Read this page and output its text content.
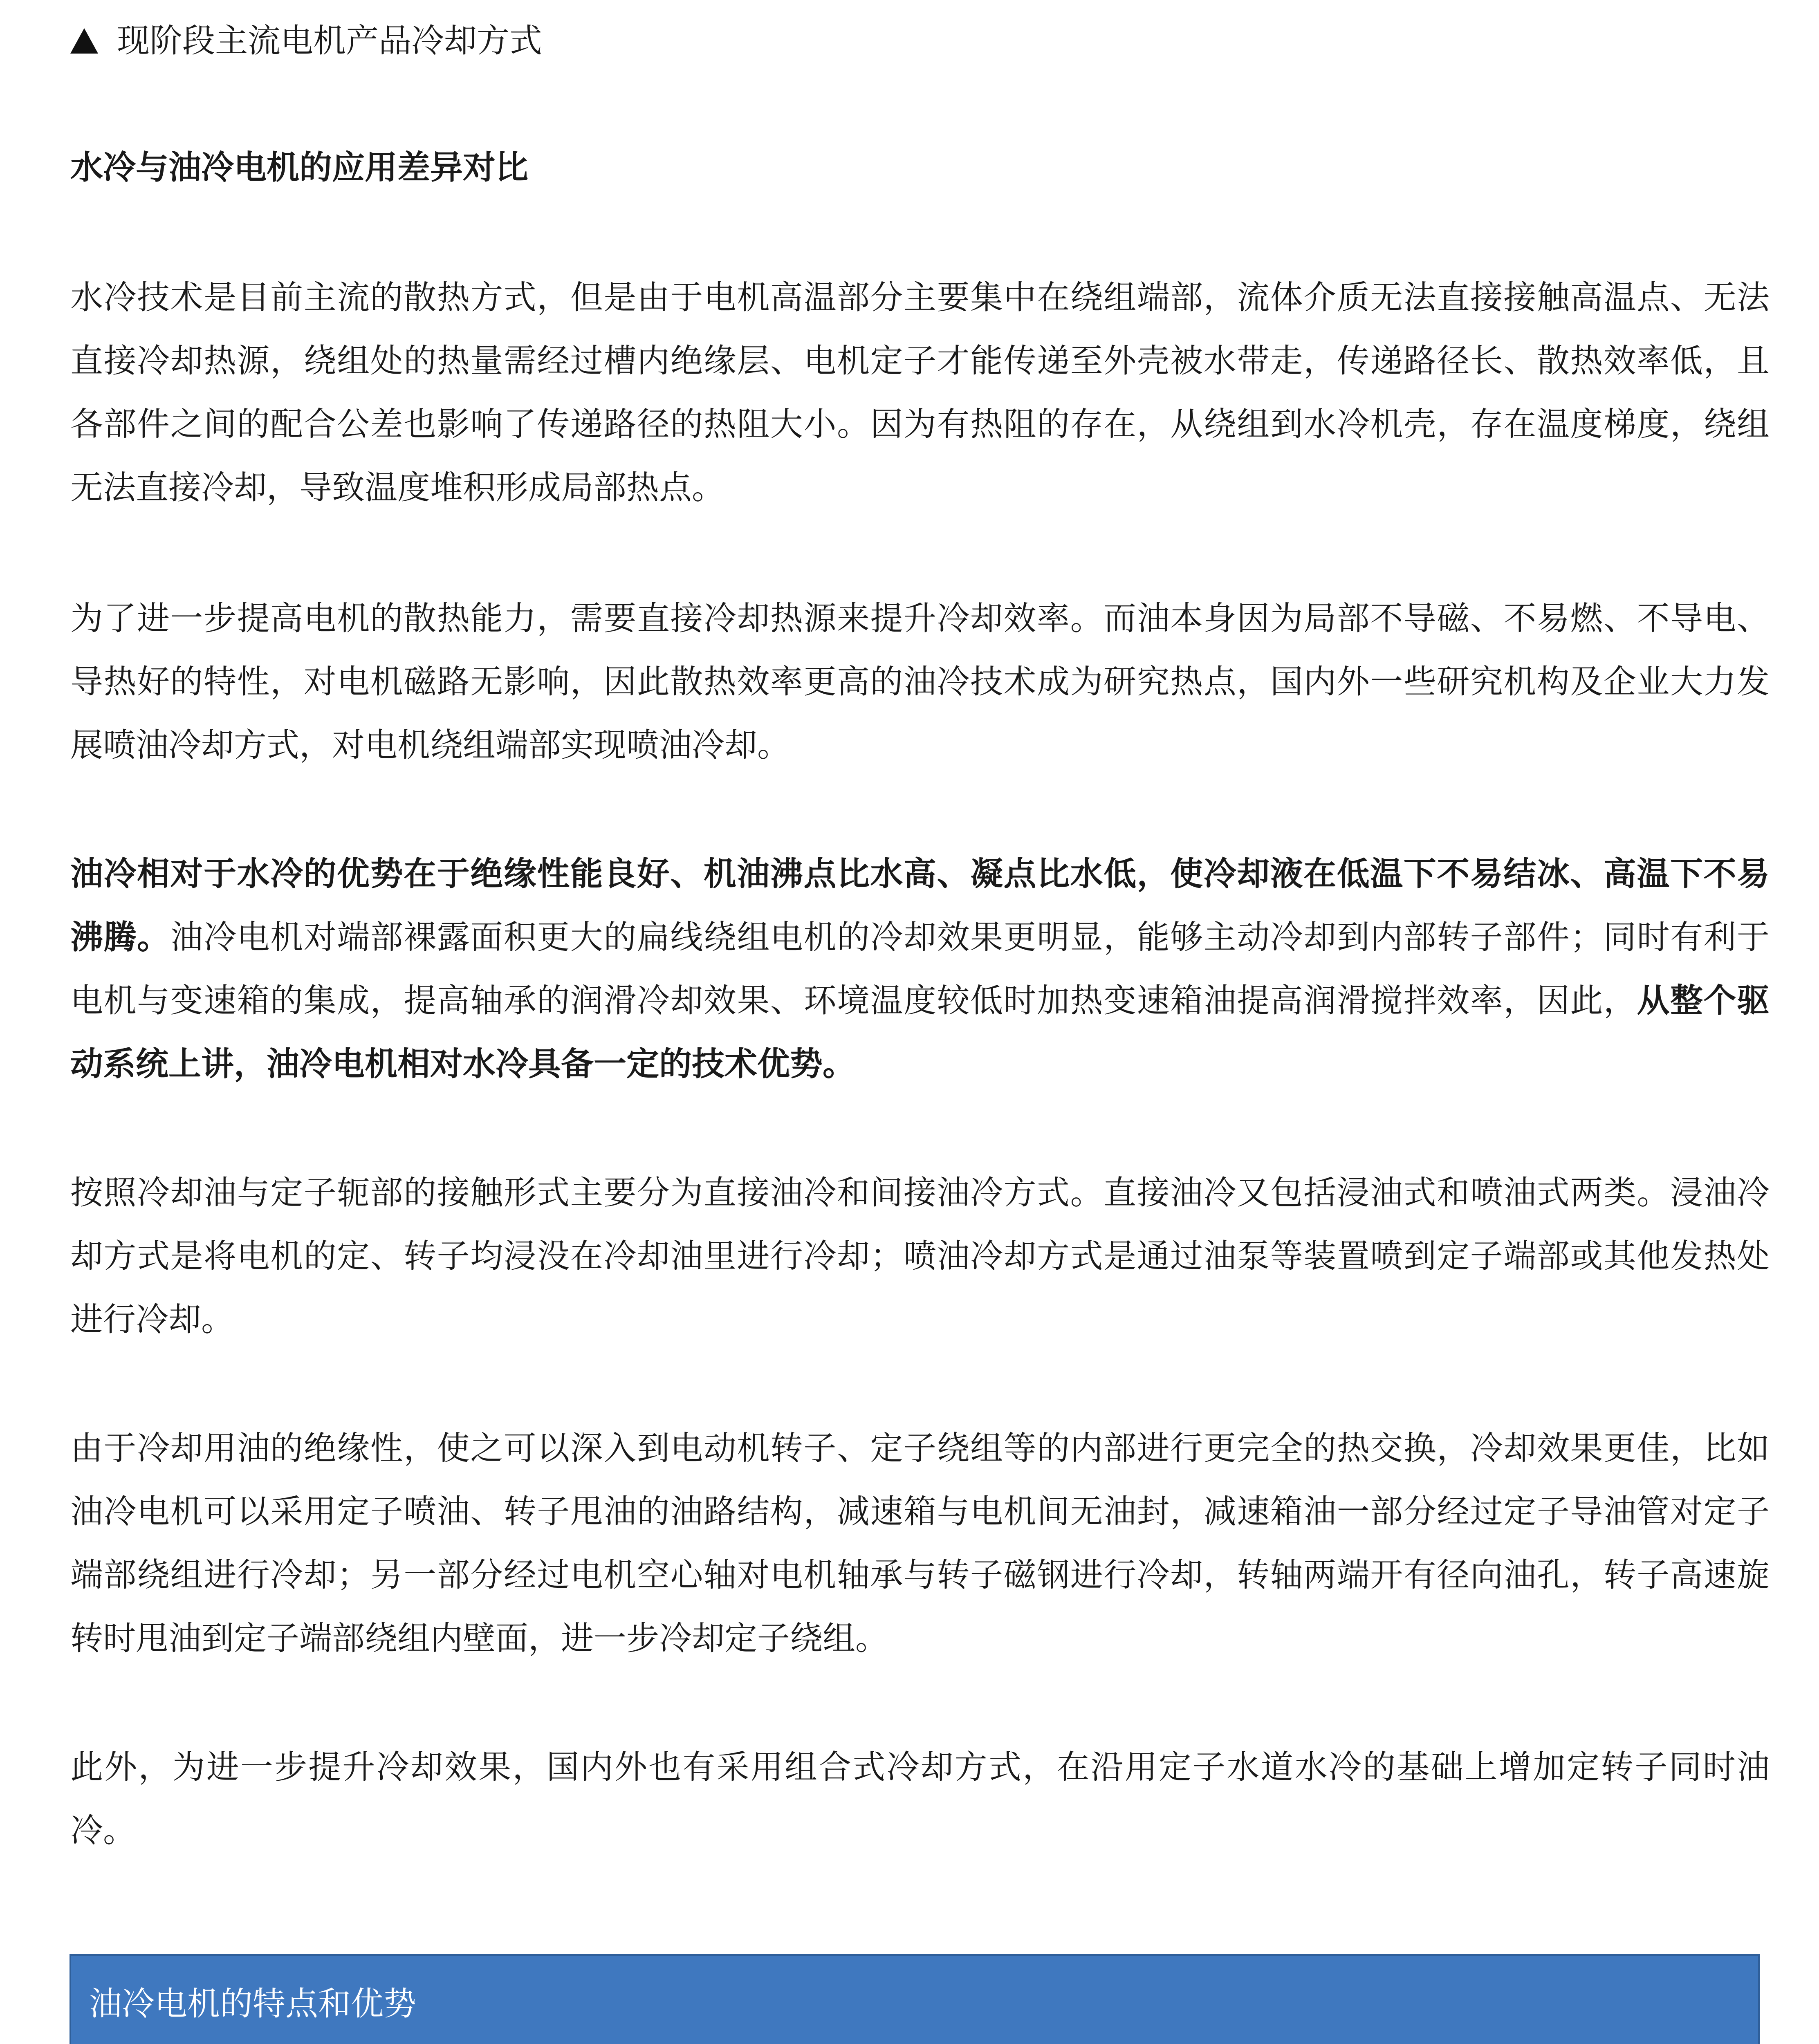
现阶段主流电机产品冷却方式
水冷与油冷电机的应用差异对比

水冷技术是目前主流的散热方式，但是由于电机高温部分主要集中在绕组端部，流体介质无法直接接触高温点、无法直接冷却热源，绕组处的热量需经过槽内绝缘层、电机定子才能传递至外壳被水带走，传递路径长、散热效率低，且各部件之间的配合公差也影响了传递路径的热阻大小。因为有热阻的存在，从绕组到水冷机壳，存在温度梯度，绕组无法直接冷却，导致温度堆积形成局部热点。

为了进一步提高电机的散热能力，需要直接冷却热源来提升冷却效率。而油本身因为局部不导磁、不易燃、不导电、导热好的特性，对电机磁路无影响，因此散热效率更高的油冷技术成为研究热点，国内外一些研究机构及企业大力发展喷油冷却方式，对电机绕组端部实现喷油冷却。

油冷相对于水冷的优势在于绝缘性能良好、机油沸点比水高、凝点比水低，使冷却液在低温下不易结冰、高温下不易沸腾。油冷电机对端部裸露面积更大的扁线绕组电机的冷却效果更明显，能够主动冷却到内部转子部件；同时有利于电机与变速箱的集成，提高轴承的润滑冷却效果、环境温度较低时加热变速箱油提高润滑搅拌效率，因此，从整个驱动系统上讲，油冷电机相对水冷具备一定的技术优势。

按照冷却油与定子轭部的接触形式主要分为直接油冷和间接油冷方式。直接油冷又包括浸油式和喷油式两类。浸油冷却方式是将电机的定、转子均浸没在冷却油里进行冷却；喷油冷却方式是通过油泵等装置喷到定子端部或其他发热处进行冷却。

由于冷却用油的绝缘性，使之可以深入到电动机转子、定子绕组等的内部进行更完全的热交换，冷却效果更佳，比如油冷电机可以采用定子喷油、转子甩油的油路结构，减速箱与电机间无油封，减速箱油一部分经过定子导油管对定子端部绕组进行冷却；另一部分经过电机空心轴对电机轴承与转子磁钢进行冷却，转轴两端开有径向油孔，转子高速旋转时甩油到定子端部绕组内壁面，进一步冷却定子绕组。

此外，为进一步提升冷却效果，国内外也有采用组合式冷却方式，在沿用定子水道水冷的基础上增加定转子同时油冷。

油冷电机的特点和优势	
